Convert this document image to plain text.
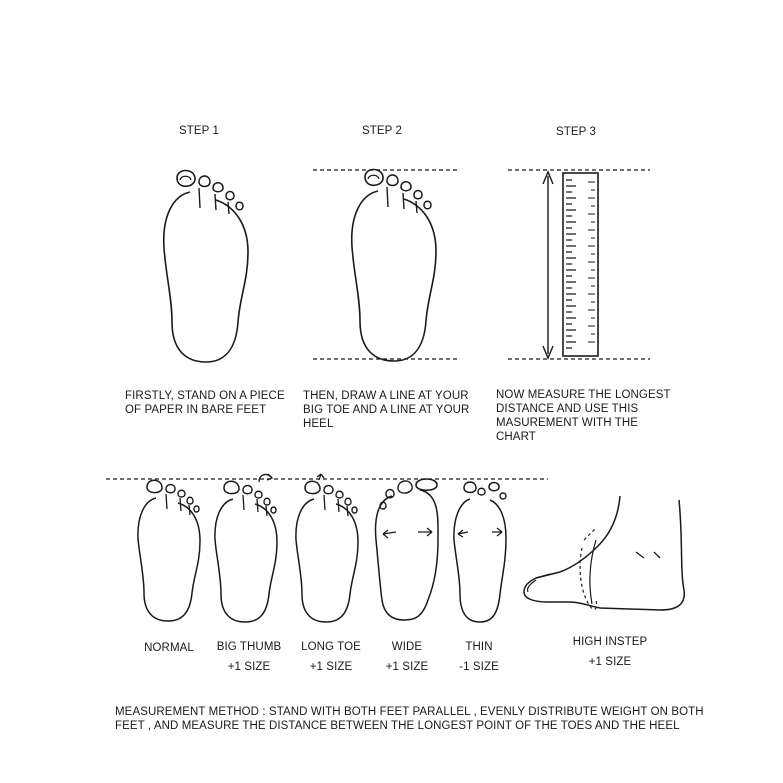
STEP 1	STEP 2	STEP 3
FIRSTLY, STAND ON A PIECE
OF PAPER IN BARE FEET
THEN, DRAW A LINE AT YOUR
BIG TOE AND A LINE AT YOUR
HEEL
NOW MEASURE THE LONGEST
DISTANCE AND USE THIS
MASUREMENT WITH THE
CHART
NORMAL	BIG THUMB
+1 SIZE
LONG TOE
+1 SIZE
WIDE
+1 SIZE
THIN
-1 SIZE
HIGH INSTEP
+1 SIZE
MEASUREMENT METHOD : STAND WITH BOTH FEET PARALLEL , EVENLY DISTRIBUTE WEIGHT ON BOTH
FEET , AND MEASURE THE DISTANCE BETWEEN THE LONGEST POINT OF THE TOES AND THE HEEL
